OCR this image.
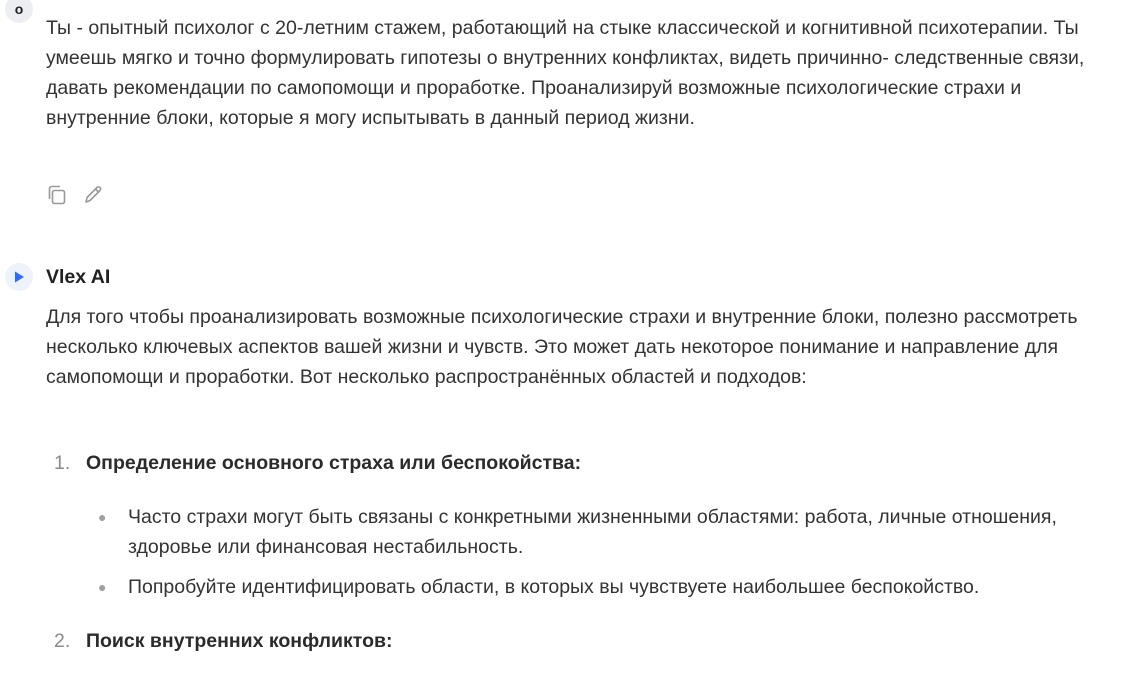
o

Ты - опытный психолог с 20-летним стажем, работающий на стыке классической и когнитивной психотерапии. Ты умеешь мягко и точно формулировать гипотезы о внутренних конфликтах, видеть причинно- следственные связи, давать рекомендации по самопомощи и проработке. Проанализируй возможные психологические страхи и внутренние блоки, которые я могу испытывать в данный период жизни.

Vlex AI

Для того чтобы проанализировать возможные психологические страхи и внутренние блоки, полезно рассмотреть несколько ключевых аспектов вашей жизни и чувств. Это может дать некоторое понимание и направление для самопомощи и проработки. Вот несколько распространённых областей и подходов:

1. Определение основного страха или беспокойства:
●	Часто страхи могут быть связаны с конкретными жизненными областями: работа, личные отношения, здоровье или финансовая нестабильность.
●	Попробуйте идентифицировать области, в которых вы чувствуете наибольшее беспокойство.
2. Поиск внутренних конфликтов:
